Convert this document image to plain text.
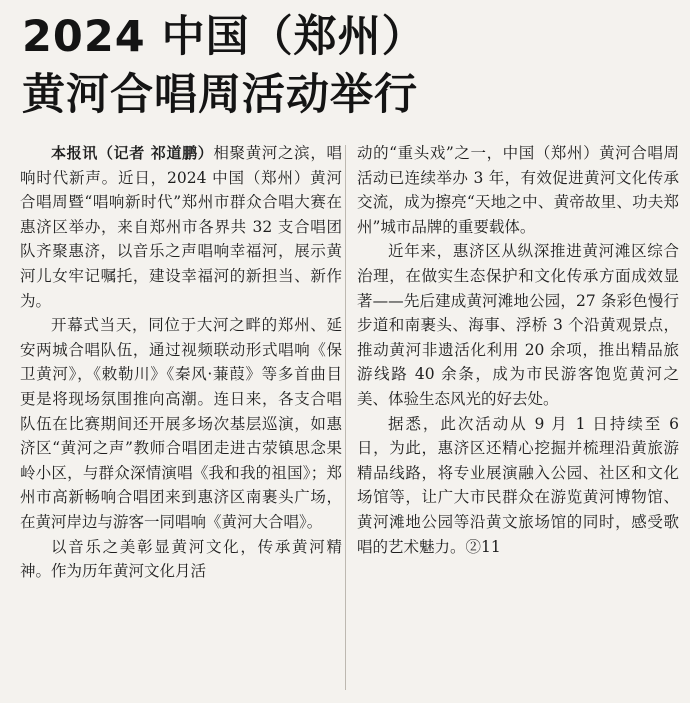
2024 中国（郑州）
黄河合唱周活动举行

本报讯（记者 祁道鹏）相聚黄河之滨，唱响时代新声。近日，2024 中国（郑州）黄河合唱周暨“唱响新时代”郑州市群众合唱大赛在惠济区举办，来自郑州市各界共 32 支合唱团队齐聚惠济，以音乐之声唱响幸福河，展示黄河儿女牢记嘱托，建设幸福河的新担当、新作为。

开幕式当天，同位于大河之畔的郑州、延安两城合唱队伍，通过视频联动形式唱响《保卫黄河》，《敕勒川》《秦风·蒹葭》等多首曲目更是将现场氛围推向高潮。连日来，各支合唱队伍在比赛期间还开展多场次基层巡演，如惠济区“黄河之声”教师合唱团走进古荥镇思念果岭小区，与群众深情演唱《我和我的祖国》；郑州市高新畅响合唱团来到惠济区南裹头广场，在黄河岸边与游客一同唱响《黄河大合唱》。

以音乐之美彰显黄河文化，传承黄河精神。作为历年黄河文化月活

动的“重头戏”之一，中国（郑州）黄河合唱周活动已连续举办 3 年，有效促进黄河文化传承交流，成为擦亮“天地之中、黄帝故里、功夫郑州”城市品牌的重要载体。

近年来，惠济区从纵深推进黄河滩区综合治理，在做实生态保护和文化传承方面成效显著——先后建成黄河滩地公园，27 条彩色慢行步道和南裹头、海事、浮桥 3 个沿黄观景点，推动黄河非遗活化利用 20 余项，推出精品旅游线路 40 余条，成为市民游客饱览黄河之美、体验生态风光的好去处。

据悉，此次活动从 9 月 1 日持续至 6 日，为此，惠济区还精心挖掘并梳理沿黄旅游精品线路，将专业展演融入公园、社区和文化场馆等，让广大市民群众在游览黄河博物馆、黄河滩地公园等沿黄文旅场馆的同时，感受歌唱的艺术魅力。②11
